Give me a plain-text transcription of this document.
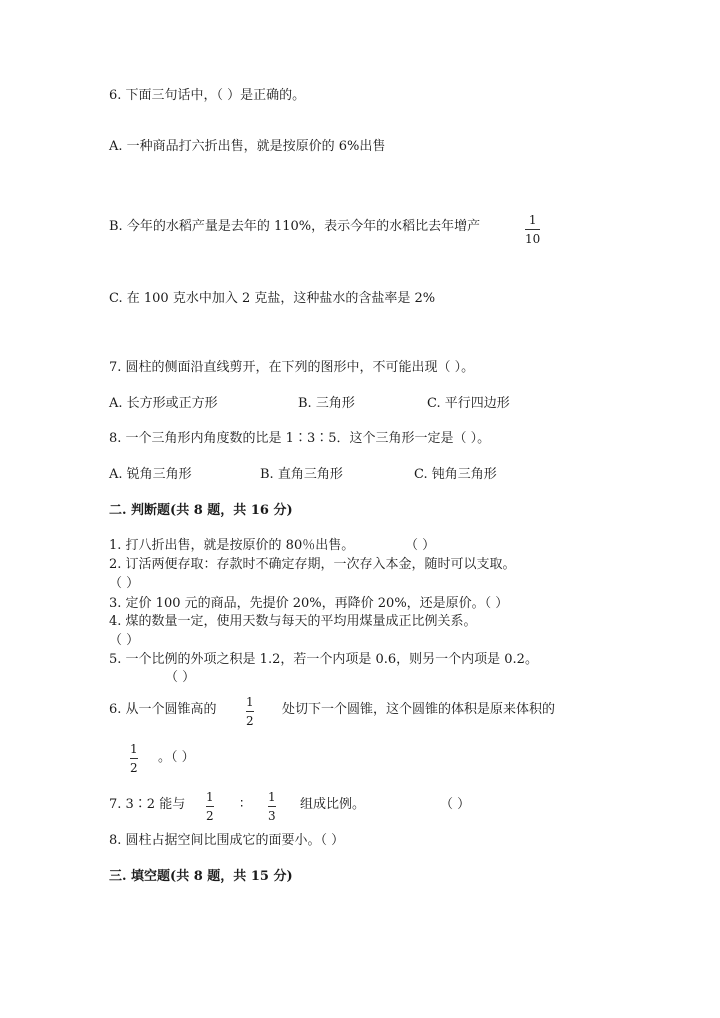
6. 下面三句话中，（ ）是正确的。
A. 一种商品打六折出售，就是按原价的 6%出售
B. 今年的水稻产量是去年的 110%，表示今年的水稻比去年增产	1
10
C. 在 100 克水中加入 2 克盐，这种盐水的含盐率是 2%
7. 圆柱的侧面沿直线剪开，在下列的图形中，不可能出现（ ）。
A. 长方形或正方形	B. 三角形	C. 平行四边形
8. 一个三角形内角度数的比是 1∶3∶5．这个三角形一定是（ ）。
A. 锐角三角形	B. 直角三角形	C. 钝角三角形
二. 判断题(共 8 题，共 16 分)
1. 打八折出售，就是按原价的 80％出售。	（ ）
2. 订活两便存取：存款时不确定存期，一次存入本金，随时可以支取。
（ ）
3. 定价 100 元的商品，先提价 20%，再降价 20%，还是原价。（ ）
4. 煤的数量一定，使用天数与每天的平均用煤量成正比例关系。
（ ）
5. 一个比例的外项之积是 1.2，若一个内项是 0.6，则另一个内项是 0.2。
（ ）
6. 从一个圆锥高的 1
2
处切下一个圆锥，这个圆锥的体积是原来体积的
1
2
。（ ）
7. 3∶2 能与 1
2
∶ 1
3
组成比例。	（ ）
8. 圆柱占据空间比围成它的面要小。（ ）
三. 填空题(共 8 题，共 15 分)
